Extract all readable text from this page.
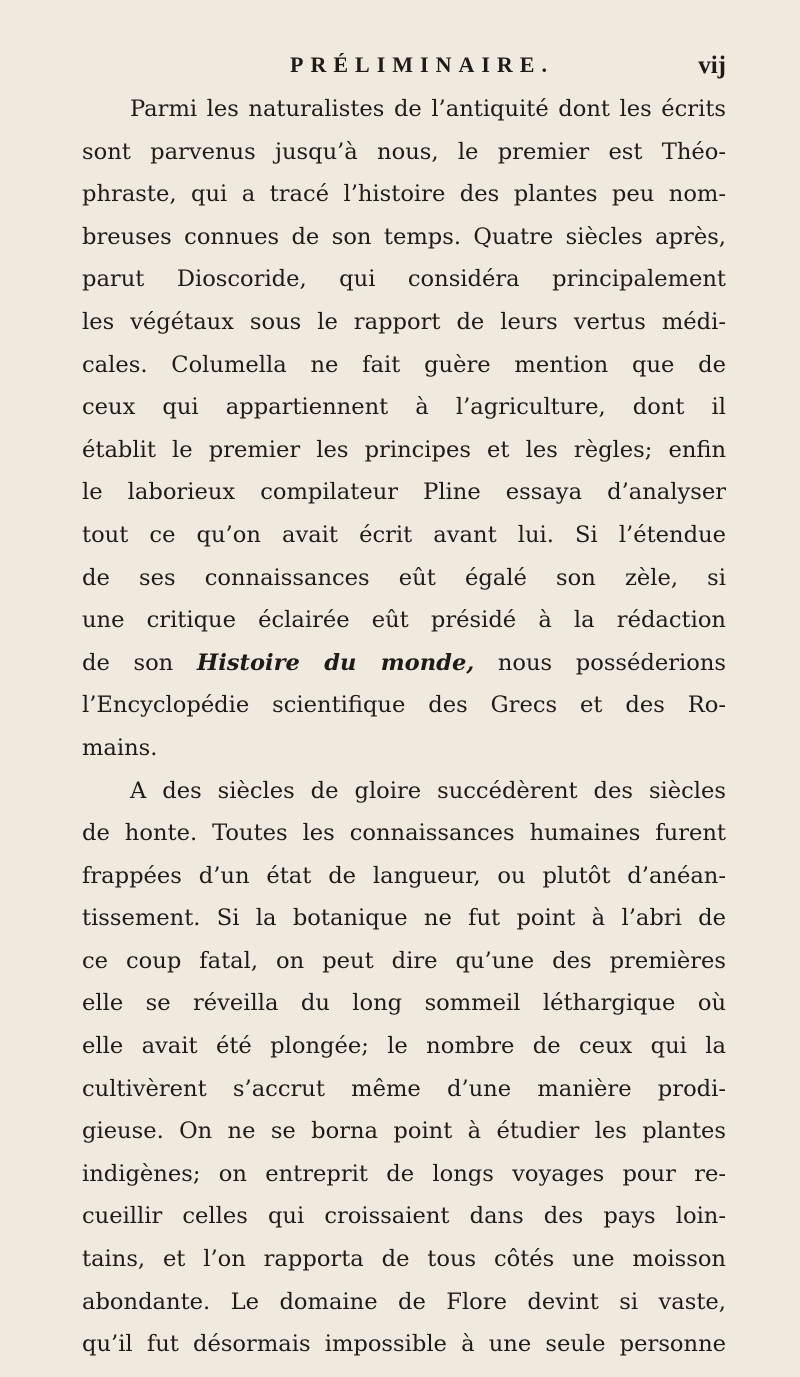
PRÉLIMINAIRE.	vij
Parmi les naturalistes de l’antiquité dont les écrits
sont parvenus jusqu’à nous, le premier est Théo-
phraste, qui a tracé l’histoire des plantes peu nom-
breuses connues de son temps. Quatre siècles après,
parut Dioscoride, qui considéra principalement
les végétaux sous le rapport de leurs vertus médi-
cales. Columella ne fait guère mention que de
ceux qui appartiennent à l’agriculture, dont il
établit le premier les principes et les règles; enfin
le laborieux compilateur Pline essaya d’analyser
tout ce qu’on avait écrit avant lui. Si l’étendue
de ses connaissances eût égalé son zèle, si
une critique éclairée eût présidé à la rédaction
de son Histoire du monde, nous posséderions
l’Encyclopédie scientifique des Grecs et des Ro-
mains.
A des siècles de gloire succédèrent des siècles
de honte. Toutes les connaissances humaines furent
frappées d’un état de langueur, ou plutôt d’anéan-
tissement. Si la botanique ne fut point à l’abri de
ce coup fatal, on peut dire qu’une des premières
elle se réveilla du long sommeil léthargique où
elle avait été plongée; le nombre de ceux qui la
cultivèrent s’accrut même d’une manière prodi-
gieuse. On ne se borna point à étudier les plantes
indigènes; on entreprit de longs voyages pour re-
cueillir celles qui croissaient dans des pays loin-
tains, et l’on rapporta de tous côtés une moisson
abondante. Le domaine de Flore devint si vaste,
qu’il fut désormais impossible à une seule personne
